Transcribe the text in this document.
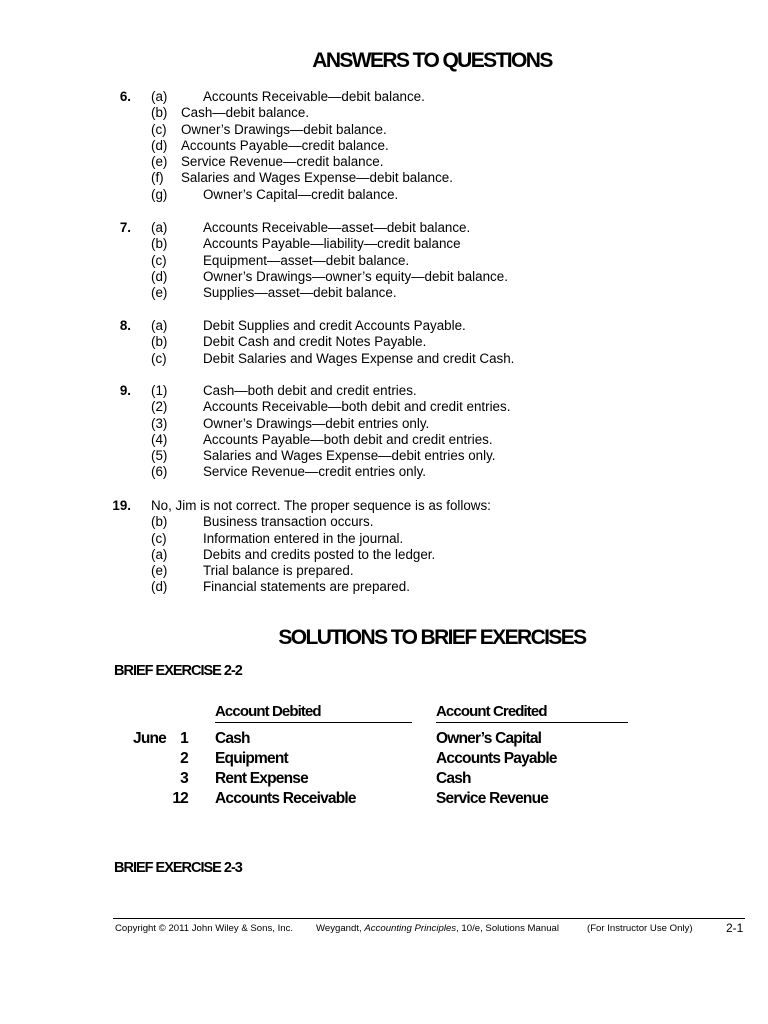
ANSWERS TO QUESTIONS
6. (a)	Accounts Receivable—debit balance.
(b) Cash—debit balance.
(c) Owner’s Drawings—debit balance.
(d) Accounts Payable—credit balance.
(e) Service Revenue—credit balance.
(f) Salaries and Wages Expense—debit balance.
(g)	Owner’s Capital—credit balance.
7. (a)	Accounts Receivable—asset—debit balance.
(b)	Accounts Payable—liability—credit balance
(c)	Equipment—asset—debit balance.
(d)	Owner’s Drawings—owner’s equity—debit balance.
(e)	Supplies—asset—debit balance.
8. (a)	Debit Supplies and credit Accounts Payable.
(b)	Debit Cash and credit Notes Payable.
(c)	Debit Salaries and Wages Expense and credit Cash.
9. (1)	Cash—both debit and credit entries.
(2)	Accounts Receivable—both debit and credit entries.
(3)	Owner’s Drawings—debit entries only.
(4)	Accounts Payable—both debit and credit entries.
(5)	Salaries and Wages Expense—debit entries only.
(6)	Service Revenue—credit entries only.
19. No, Jim is not correct. The proper sequence is as follows:
(b)	Business transaction occurs.
(c)	Information entered in the journal.
(a)	Debits and credits posted to the ledger.
(e)	Trial balance is prepared.
(d)	Financial statements are prepared.
SOLUTIONS TO BRIEF EXERCISES
BRIEF EXERCISE 2-2
Account Debited	Account Credited
June 1 Cash	Owner’s Capital
2 Equipment	Accounts Payable
3 Rent Expense	Cash
12 Accounts Receivable	Service Revenue
BRIEF EXERCISE 2-3
Copyright © 2011 John Wiley & Sons, Inc. Weygandt, Accounting Principles, 10/e, Solutions Manual	(For Instructor Use Only)	2-1
